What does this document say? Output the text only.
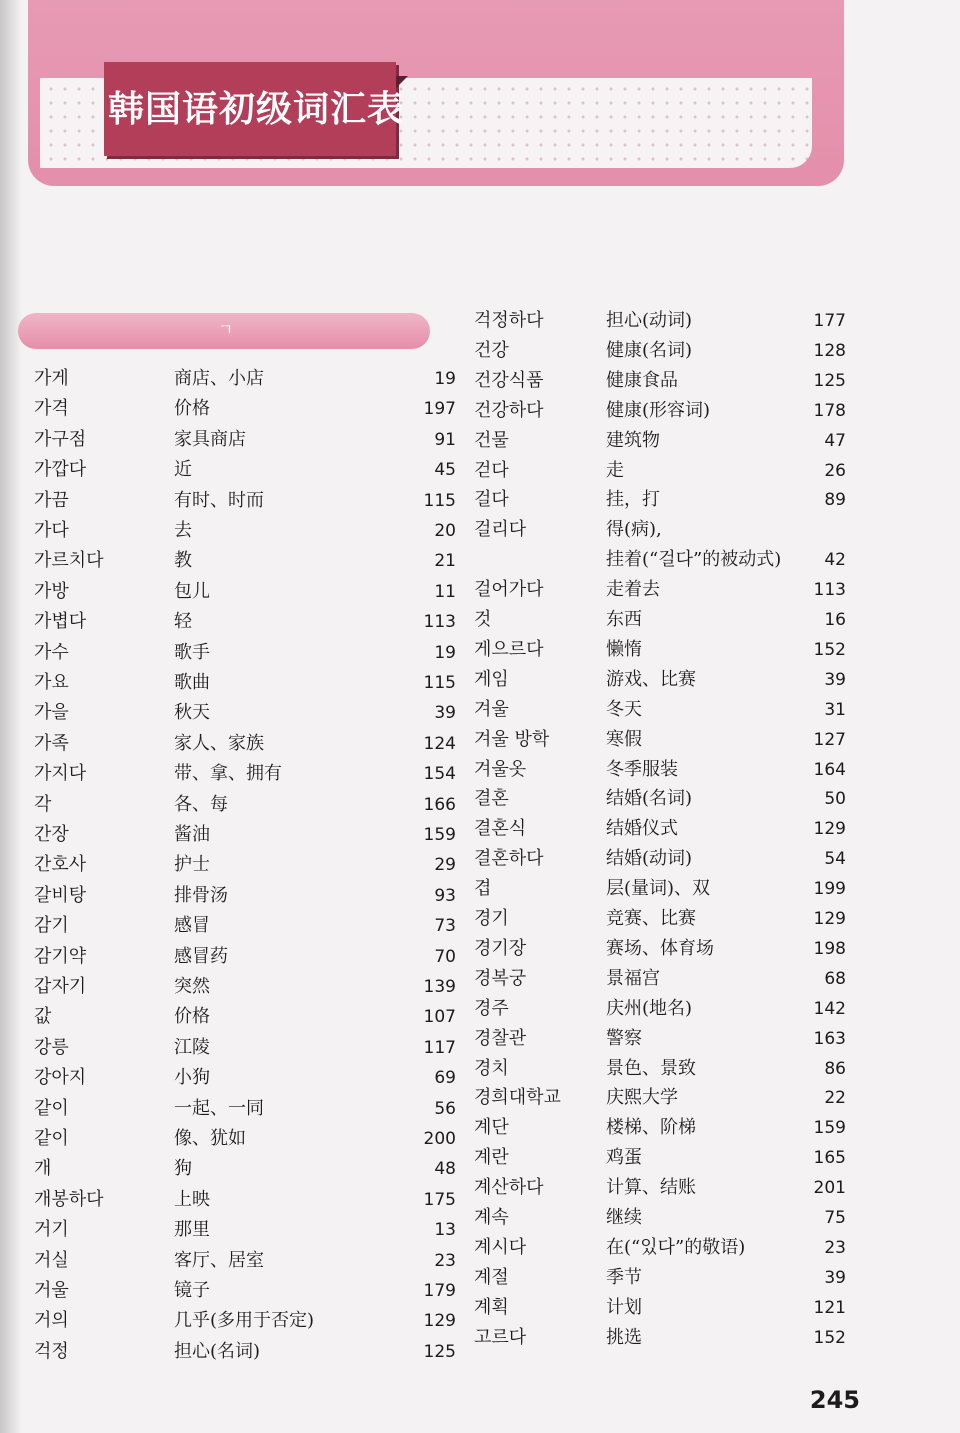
韩国语初级词汇表
ㄱ
가게	商店、小店	19
가격	价格	197
가구점	家具商店	91
가깝다	近	45
가끔	有时、时而	115
가다	去	20
가르치다	教	21
가방	包儿	11
가볍다	轻	113
가수	歌手	19
가요	歌曲	115
가을	秋天	39
가족	家人、家族	124
가지다	带、拿、拥有	154
각	各、每	166
간장	酱油	159
간호사	护士	29
갈비탕	排骨汤	93
감기	感冒	73
감기약	感冒药	70
갑자기	突然	139
값	价格	107
강릉	江陵	117
강아지	小狗	69
같이	一起、一同	56
같이	像、犹如	200
개	狗	48
개봉하다	上映	175
거기	那里	13
거실	客厅、居室	23
거울	镜子	179
거의	几乎(多用于否定)	129
걱정	担心(名词)	125
걱정하다	担心(动词)	177
건강	健康(名词)	128
건강식품	健康食品	125
건강하다	健康(形容词)	178
건물	建筑物	47
걷다	走	26
걸다	挂，打	89
걸리다	得(病),
挂着(“걸다”的被动式)	42
걸어가다	走着去	113
것	东西	16
게으르다	懒惰	152
게임	游戏、比赛	39
겨울	冬天	31
겨울 방학	寒假	127
겨울옷	冬季服装	164
결혼	结婚(名词)	50
결혼식	结婚仪式	129
결혼하다	结婚(动词)	54
겹	层(量词)、双	199
경기	竞赛、比赛	129
경기장	赛场、体育场	198
경복궁	景福宫	68
경주	庆州(地名)	142
경찰관	警察	163
경치	景色、景致	86
경희대학교	庆熙大学	22
계단	楼梯、阶梯	159
계란	鸡蛋	165
계산하다	计算、结账	201
계속	继续	75
계시다	在(“있다”的敬语)	23
계절	季节	39
계획	计划	121
고르다	挑选	152
245
